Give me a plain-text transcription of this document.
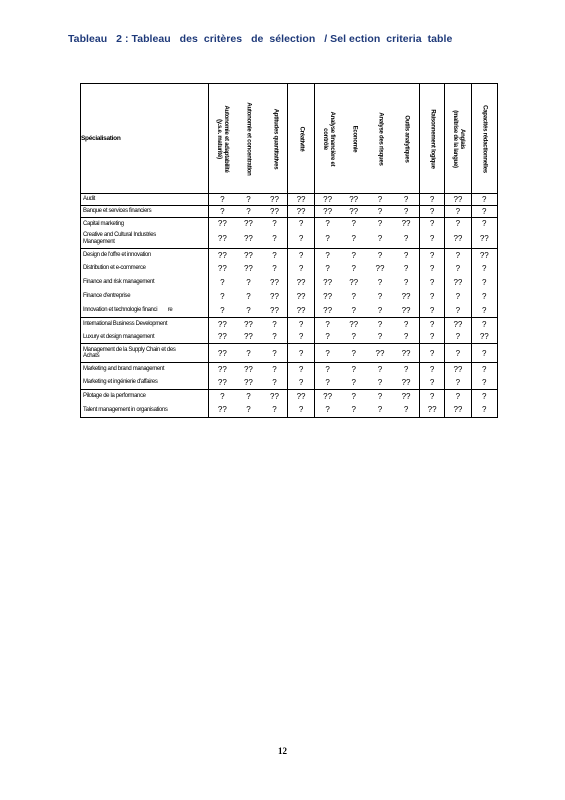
Tableau   2 : Tableau   des  critères   de  sélection   / Sel ection  criteria  table
Spécialisation	Autonomie et adaptabilité
(y.s.e. maturité)	Autonomie et concentration	Aptitudes quantitatives	Créativité	Analyse financière et
contrôle	Economie	Analyse des risques	Outils analytiques	Raisonnement logique	Anglais
(maîtrise de la langue)	Capacités rédactionnelles

Audit	?	?	??	??	??	??	?	?	?	??	?
Banque et services financiers	?	?	??	??	??	??	?	?	?	?	?
Capital marketing	??	??	?	?	?	?	?	??	?	?	?
Creative and Cultural Industries
Management	??	??	?	?	?	?	?	?	?	??	??
Design de l'offre et innovation	??	??	?	?	?	?	?	?	?	?	??
Distribution et e-commerce	??	??	?	?	?	?	??	?	?	?	?
Finance and risk management	?	?	??	??	??	??	?	?	?	??	?
Finance d'entreprise	?	?	??	??	??	?	?	??	?	?	?
Innovation et technologie financi        re	?	?	??	??	??	?	?	??	?	?	?
International Business Development	??	??	?	?	?	??	?	?	?	??	?
Luxury et design management	??	??	?	?	?	?	?	?	?	?	??
Management de la Supply Chain et des
Achats	??	?	?	?	?	?	??	??	?	?	?
Marketing and brand management	??	??	?	?	?	?	?	?	?	??	?
Marketing et ingénierie d'affaires	??	??	?	?	?	?	?	??	?	?	?
Pilotage de la performance	?	?	??	??	??	?	?	??	?	?	?
Talent management in organisations	??	?	?	?	?	?	?	?	??	??	?
12
